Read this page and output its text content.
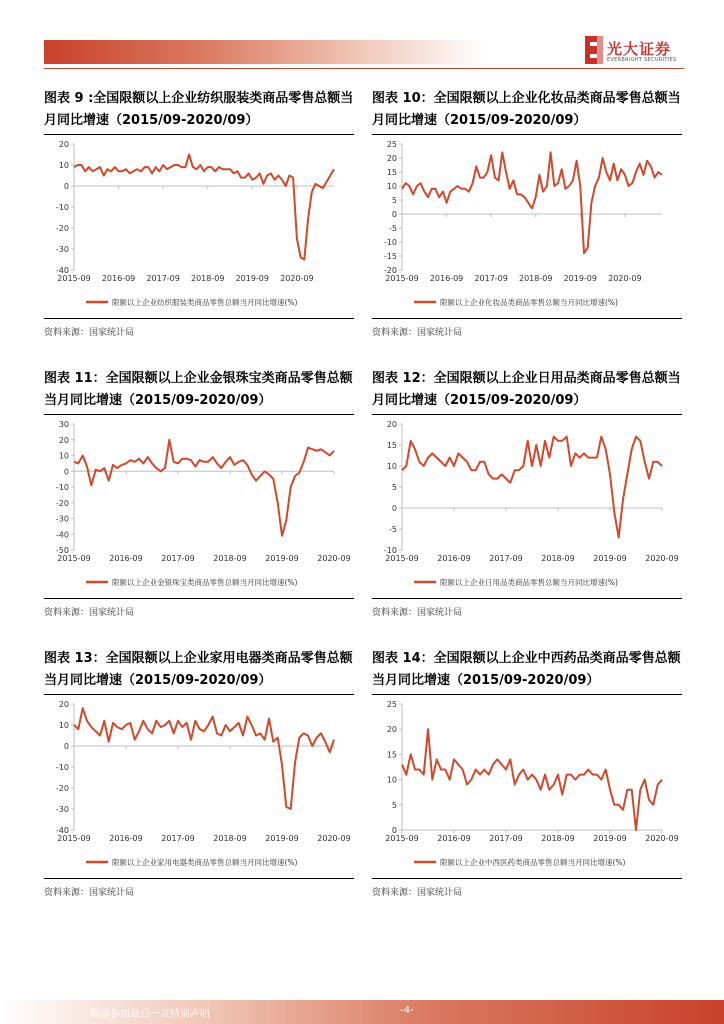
光大证券
EVERBRIGHT SECURITIES
图表 9 :全国限额以上企业纺织服装类商品零售总额当月同比增速（2015/09-2020/09）
-40
-30
-20
-10
0
10
20
2015-09 2016-09 2017-09 2018-09 2019-09 2020-09
限额以上企业纺织服装类商品零售总额当月同比增速(%)
资料来源：国家统计局
图表 10：全国限额以上企业化妆品类商品零售总额当月同比增速（2015/09-2020/09）
-20
-15
-10
-5
0
5
10
15
20
25
2015-09 2016-09 2017-09 2018-09 2019-09 2020-09
限额以上企业化妆品类商品零售总额当月同比增速(%)
资料来源：国家统计局
图表 11：全国限额以上企业金银珠宝类商品零售总额当月同比增速（2015/09-2020/09）
-50
-40
-30
-20
-10
0
10
20
30
2015-09 2016-09 2017-09 2018-09 2019-09 2020-09
限额以上企业金银珠宝类商品零售总额当月同比增速(%)
资料来源：国家统计局
图表 12：全国限额以上企业日用品类商品零售总额当月同比增速（2015/09-2020/09）
-10
-5
0
5
10
15
20
2015-09 2016-09 2017-09 2018-09 2019-09 2020-09
限额以上企业日用品类商品零售总额当月同比增速(%)
资料来源：国家统计局
图表 13：全国限额以上企业家用电器类商品零售总额当月同比增速（2015/09-2020/09）
-40
-30
-20
-10
0
10
20
2015-09 2016-09 2017-09 2018-09 2019-09 2020-09
限额以上企业家用电器类商品零售总额当月同比增速(%)
资料来源：国家统计局
图表 14：全国限额以上企业中西药品类商品零售总额当月同比增速（2015/09-2020/09）
0
5
10
15
20
25
2015-09 2016-09 2017-09 2018-09 2019-09 2020-09
限额以上企业中西医药类商品零售总额当月同比增速(%)
资料来源：国家统计局
敬请参阅最后一页特别声明	-4-
